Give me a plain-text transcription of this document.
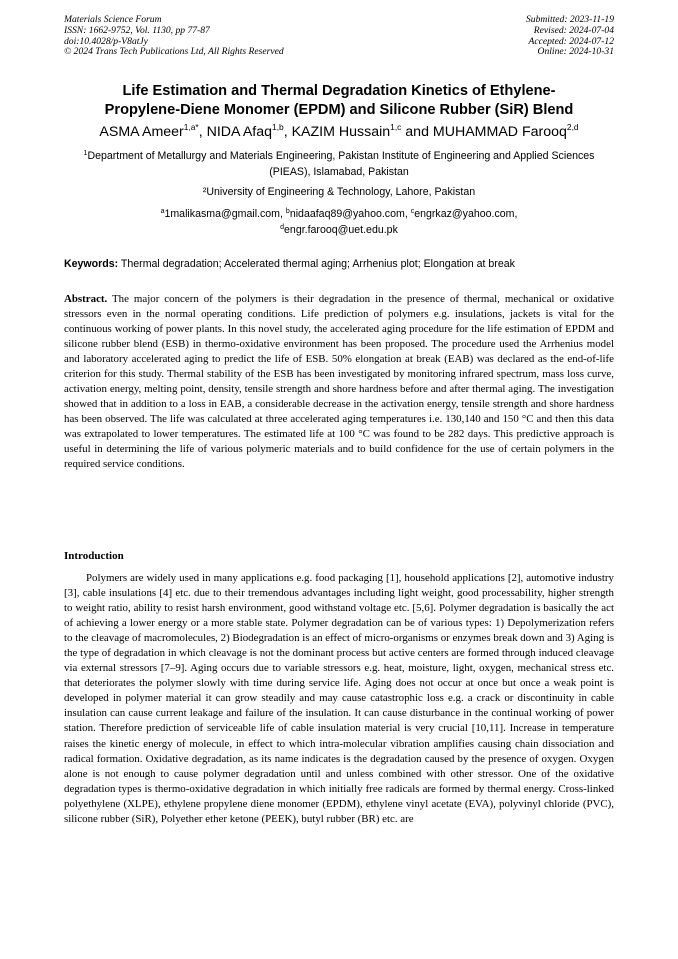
Materials Science Forum
ISSN: 1662-9752, Vol. 1130, pp 77-87
doi:10.4028/p-V8atJy
© 2024 Trans Tech Publications Ltd, All Rights Reserved
Submitted: 2023-11-19
Revised: 2024-07-04
Accepted: 2024-07-12
Online: 2024-10-31
Life Estimation and Thermal Degradation Kinetics of Ethylene-
Propylene-Diene Monomer (EPDM) and Silicone Rubber (SiR) Blend
ASMA Ameer$^{1,a*}$, NIDA Afaq$^{1,b}$, KAZIM Hussain$^{1,c}$ and MUHAMMAD Farooq$^{2,d}$
$^1$Department of Metallurgy and Materials Engineering, Pakistan Institute of Engineering and Applied Sciences (PIEAS), Islamabad, Pakistan
²University of Engineering & Technology, Lahore, Pakistan
$^a$1malikasma@gmail.com, $^b$nidaafaq89@yahoo.com, $^c$engrkaz@yahoo.com,
$^d$engr.farooq@uet.edu.pk
Keywords: Thermal degradation; Accelerated thermal aging; Arrhenius plot; Elongation at break

Abstract. The major concern of the polymers is their degradation in the presence of thermal, mechanical or oxidative stressors even in the normal operating conditions. Life prediction of polymers e.g. insulations, jackets is vital for the continuous working of power plants. In this novel study, the accelerated aging procedure for the life estimation of EPDM and silicone rubber blend (ESB) in thermo-oxidative environment has been proposed. The procedure used the Arrhenius model and laboratory accelerated aging to predict the life of ESB. 50% elongation at break (EAB) was declared as the end-of-life criterion for this study. Thermal stability of the ESB has been investigated by monitoring infrared spectrum, mass loss curve, activation energy, melting point, density, tensile strength and shore hardness before and after thermal aging. The investigation showed that in addition to a loss in EAB, a considerable decrease in the activation energy, tensile strength and shore hardness has been observed. The life was calculated at three accelerated aging temperatures i.e. 130,140 and 150 °C and then this data was extrapolated to lower temperatures. The estimated life at 100 °C was found to be 282 days. This predictive approach is useful in determining the life of various polymeric materials and to build confidence for the use of certain polymers in the required service conditions.

Introduction

Polymers are widely used in many applications e.g. food packaging [1], household applications [2], automotive industry [3], cable insulations [4] etc. due to their tremendous advantages including light weight, good processability, higher strength to weight ratio, ability to resist harsh environment, good withstand voltage etc. [5,6]. Polymer degradation is basically the act of achieving a lower energy or a more stable state. Polymer degradation can be of various types: 1) Depolymerization refers to the cleavage of macromolecules, 2) Biodegradation is an effect of micro-organisms or enzymes break down and 3) Aging is the type of degradation in which cleavage is not the dominant process but active centers are formed through induced cleavage via external stressors [7–9]. Aging occurs due to variable stressors e.g. heat, moisture, light, oxygen, mechanical stress etc. that deteriorates the polymer slowly with time during service life. Aging does not occur at once but once a weak point is developed in polymer material it can grow steadily and may cause catastrophic loss e.g. a crack or discontinuity in cable insulation can cause current leakage and failure of the insulation. It can cause disturbance in the continual working of power station. Therefore prediction of serviceable life of cable insulation material is very crucial [10,11]. Increase in temperature raises the kinetic energy of molecule, in effect to which intra-molecular vibration amplifies causing chain dissociation and radical formation. Oxidative degradation, as its name indicates is the degradation caused by the presence of oxygen. Oxygen alone is not enough to cause polymer degradation until and unless combined with other stressor. One of the oxidative degradation types is thermo-oxidative degradation in which initially free radicals are formed by thermal energy. Cross-linked polyethylene (XLPE), ethylene propylene diene monomer (EPDM), ethylene vinyl acetate (EVA), polyvinyl chloride (PVC), silicone rubber (SiR), Polyether ether ketone (PEEK), butyl rubber (BR) etc. are
